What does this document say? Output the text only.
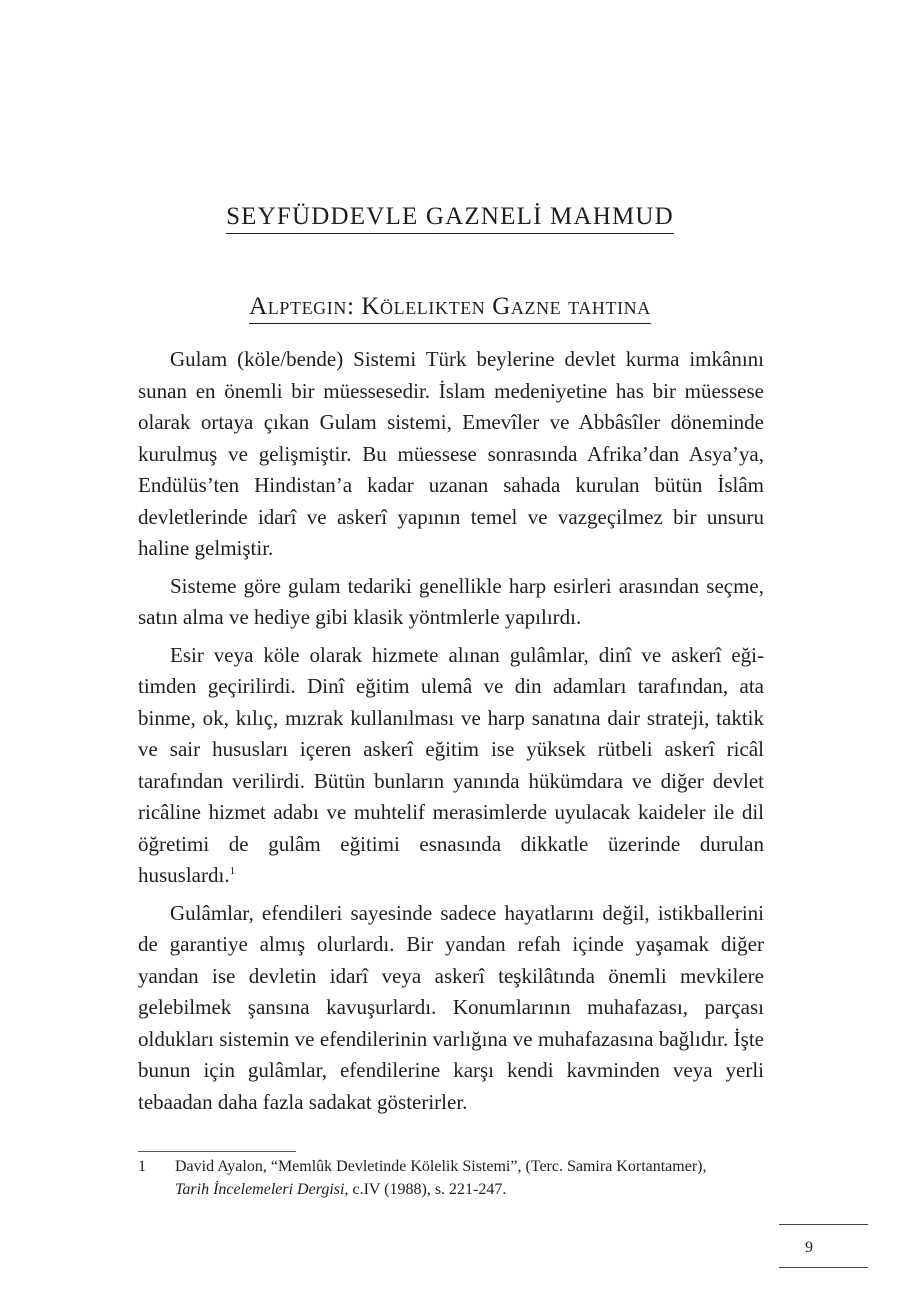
SEYFÜDDEVLE GAZNELİ MAHMUD
Alptegin: Kölelikten Gazne tahtına

Gulam (köle/bende) Sistemi Türk beylerine devlet kurma imkânını sunan en önemli bir müessesedir. İslam medeniyetine has bir müessese olarak ortaya çıkan Gulam sistemi, Emevîler ve Abbâsîler döneminde kurulmuş ve gelişmiştir. Bu müessese sonrasında Afrika’dan Asya’ya, Endülüs’ten Hindistan’a kadar uzanan sahada kurulan bütün İslâm devletlerinde idarî ve askerî yapının temel ve vazgeçilmez bir unsuru haline gelmiştir.

Sisteme göre gulam tedariki genellikle harp esirleri arasından seçme, satın alma ve hediye gibi klasik yöntmlerle yapılırdı.

Esir veya köle olarak hizmete alınan gulâmlar, dinî ve askerî eğitimden geçirilirdi. Dinî eğitim ulemâ ve din adamları tarafından, ata binme, ok, kılıç, mızrak kullanılması ve harp sanatına dair strateji, taktik ve sair hususları içeren askerî eğitim ise yüksek rütbeli askerî ricâl tarafından verilirdi. Bütün bunların yanında hükümdara ve diğer devlet ricâline hizmet adabı ve muhtelif merasimlerde uyulacak kaideler ile dil öğretimi de gulâm eğitimi esnasında dikkatle üzerinde durulan hususlardı.$^1$

Gulâmlar, efendileri sayesinde sadece hayatlarını değil, istikballerini de garantiye almış olurlardı. Bir yandan refah içinde yaşamak diğer yandan ise devletin idarî veya askerî teşkilâtında önemli mevkilere gelebilmek şansına kavuşurlardı. Konumlarının muhafazası, parçası oldukları sistemin ve efendilerinin varlığına ve muhafazasına bağlıdır. İşte bunun için gulâmlar, efendilerine karşı kendi kavminden veya yerli tebaadan daha fazla sadakat gösterirler.

1 David Ayalon, “Memlûk Devletinde Kölelik Sistemi”, (Terc. Samira Kortantamer),
Tarih İncelemeleri Dergisi, c.IV (1988), s. 221-247.
9
